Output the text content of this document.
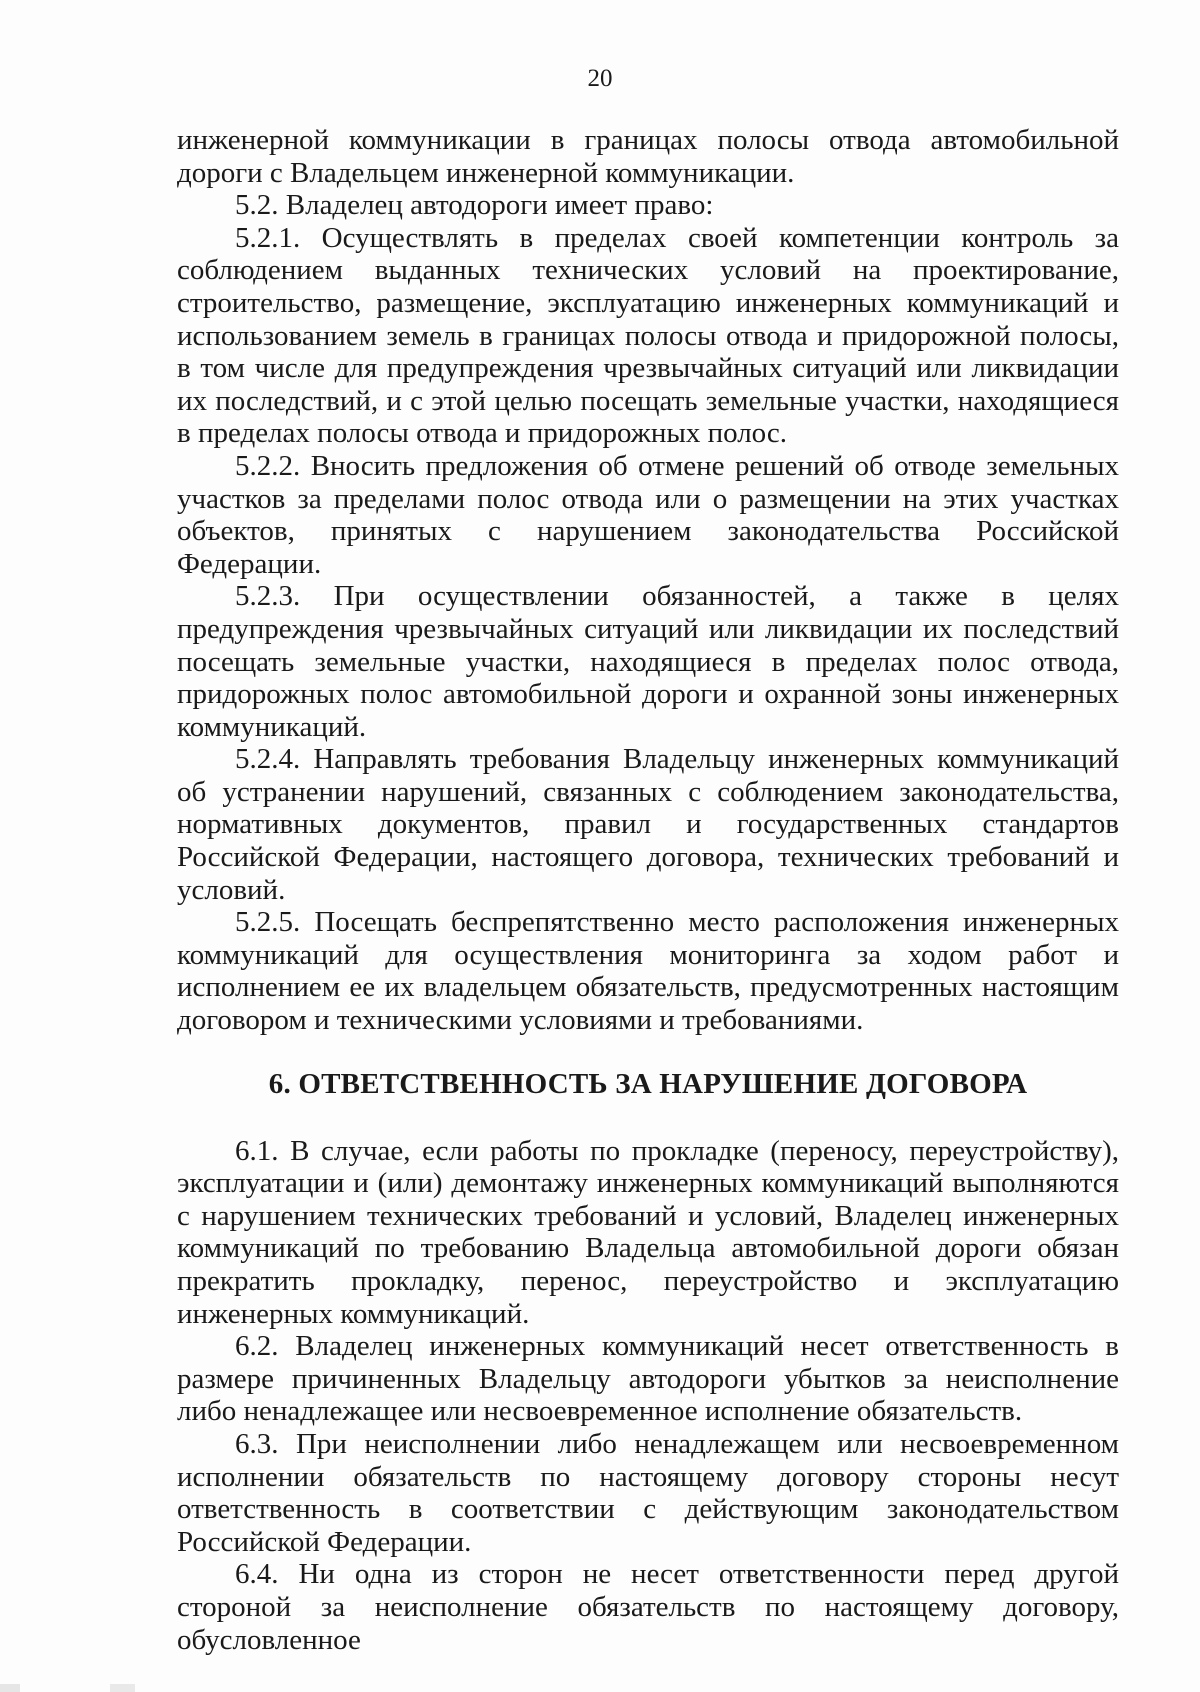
20

инженерной коммуникации в границах полосы отвода автомобильной дороги с Владельцем инженерной коммуникации.

5.2. Владелец автодороги имеет право:

5.2.1. Осуществлять в пределах своей компетенции контроль за соблюдением выданных технических условий на проектирование, строительство, размещение, эксплуатацию инженерных коммуникаций и использованием земель в границах полосы отвода и придорожной полосы, в том числе для предупреждения чрезвычайных ситуаций или ликвидации их последствий, и с этой целью посещать земельные участки, находящиеся в пределах полосы отвода и придорожных полос.

5.2.2. Вносить предложения об отмене решений об отводе земельных участков за пределами полос отвода или о размещении на этих участках объектов, принятых с нарушением законодательства Российской Федерации.

5.2.3. При осуществлении обязанностей, а также в целях предупреждения чрезвычайных ситуаций или ликвидации их последствий посещать земельные участки, находящиеся в пределах полос отвода, придорожных полос автомобильной дороги и охранной зоны инженерных коммуникаций.

5.2.4. Направлять требования Владельцу инженерных коммуникаций об устранении нарушений, связанных с соблюдением законодательства, нормативных документов, правил и государственных стандартов Российской Федерации, настоящего договора, технических требований и условий.

5.2.5. Посещать беспрепятственно место расположения инженерных коммуникаций для осуществления мониторинга за ходом работ и исполнением ее их владельцем обязательств, предусмотренных настоящим договором и техническими условиями и требованиями.

6. ОТВЕТСТВЕННОСТЬ ЗА НАРУШЕНИЕ ДОГОВОРА

6.1. В случае, если работы по прокладке (переносу, переустройству), эксплуатации и (или) демонтажу инженерных коммуникаций выполняются с нарушением технических требований и условий, Владелец инженерных коммуникаций по требованию Владельца автомобильной дороги обязан прекратить прокладку, перенос, переустройство и эксплуатацию инженерных коммуникаций.

6.2. Владелец инженерных коммуникаций несет ответственность в размере причиненных Владельцу автодороги убытков за неисполнение либо ненадлежащее или несвоевременное исполнение обязательств.

6.3. При неисполнении либо ненадлежащем или несвоевременном исполнении обязательств по настоящему договору стороны несут ответственность в соответствии с действующим законодательством Российской Федерации.

6.4. Ни одна из сторон не несет ответственности перед другой стороной за неисполнение обязательств по настоящему договору, обусловленное
